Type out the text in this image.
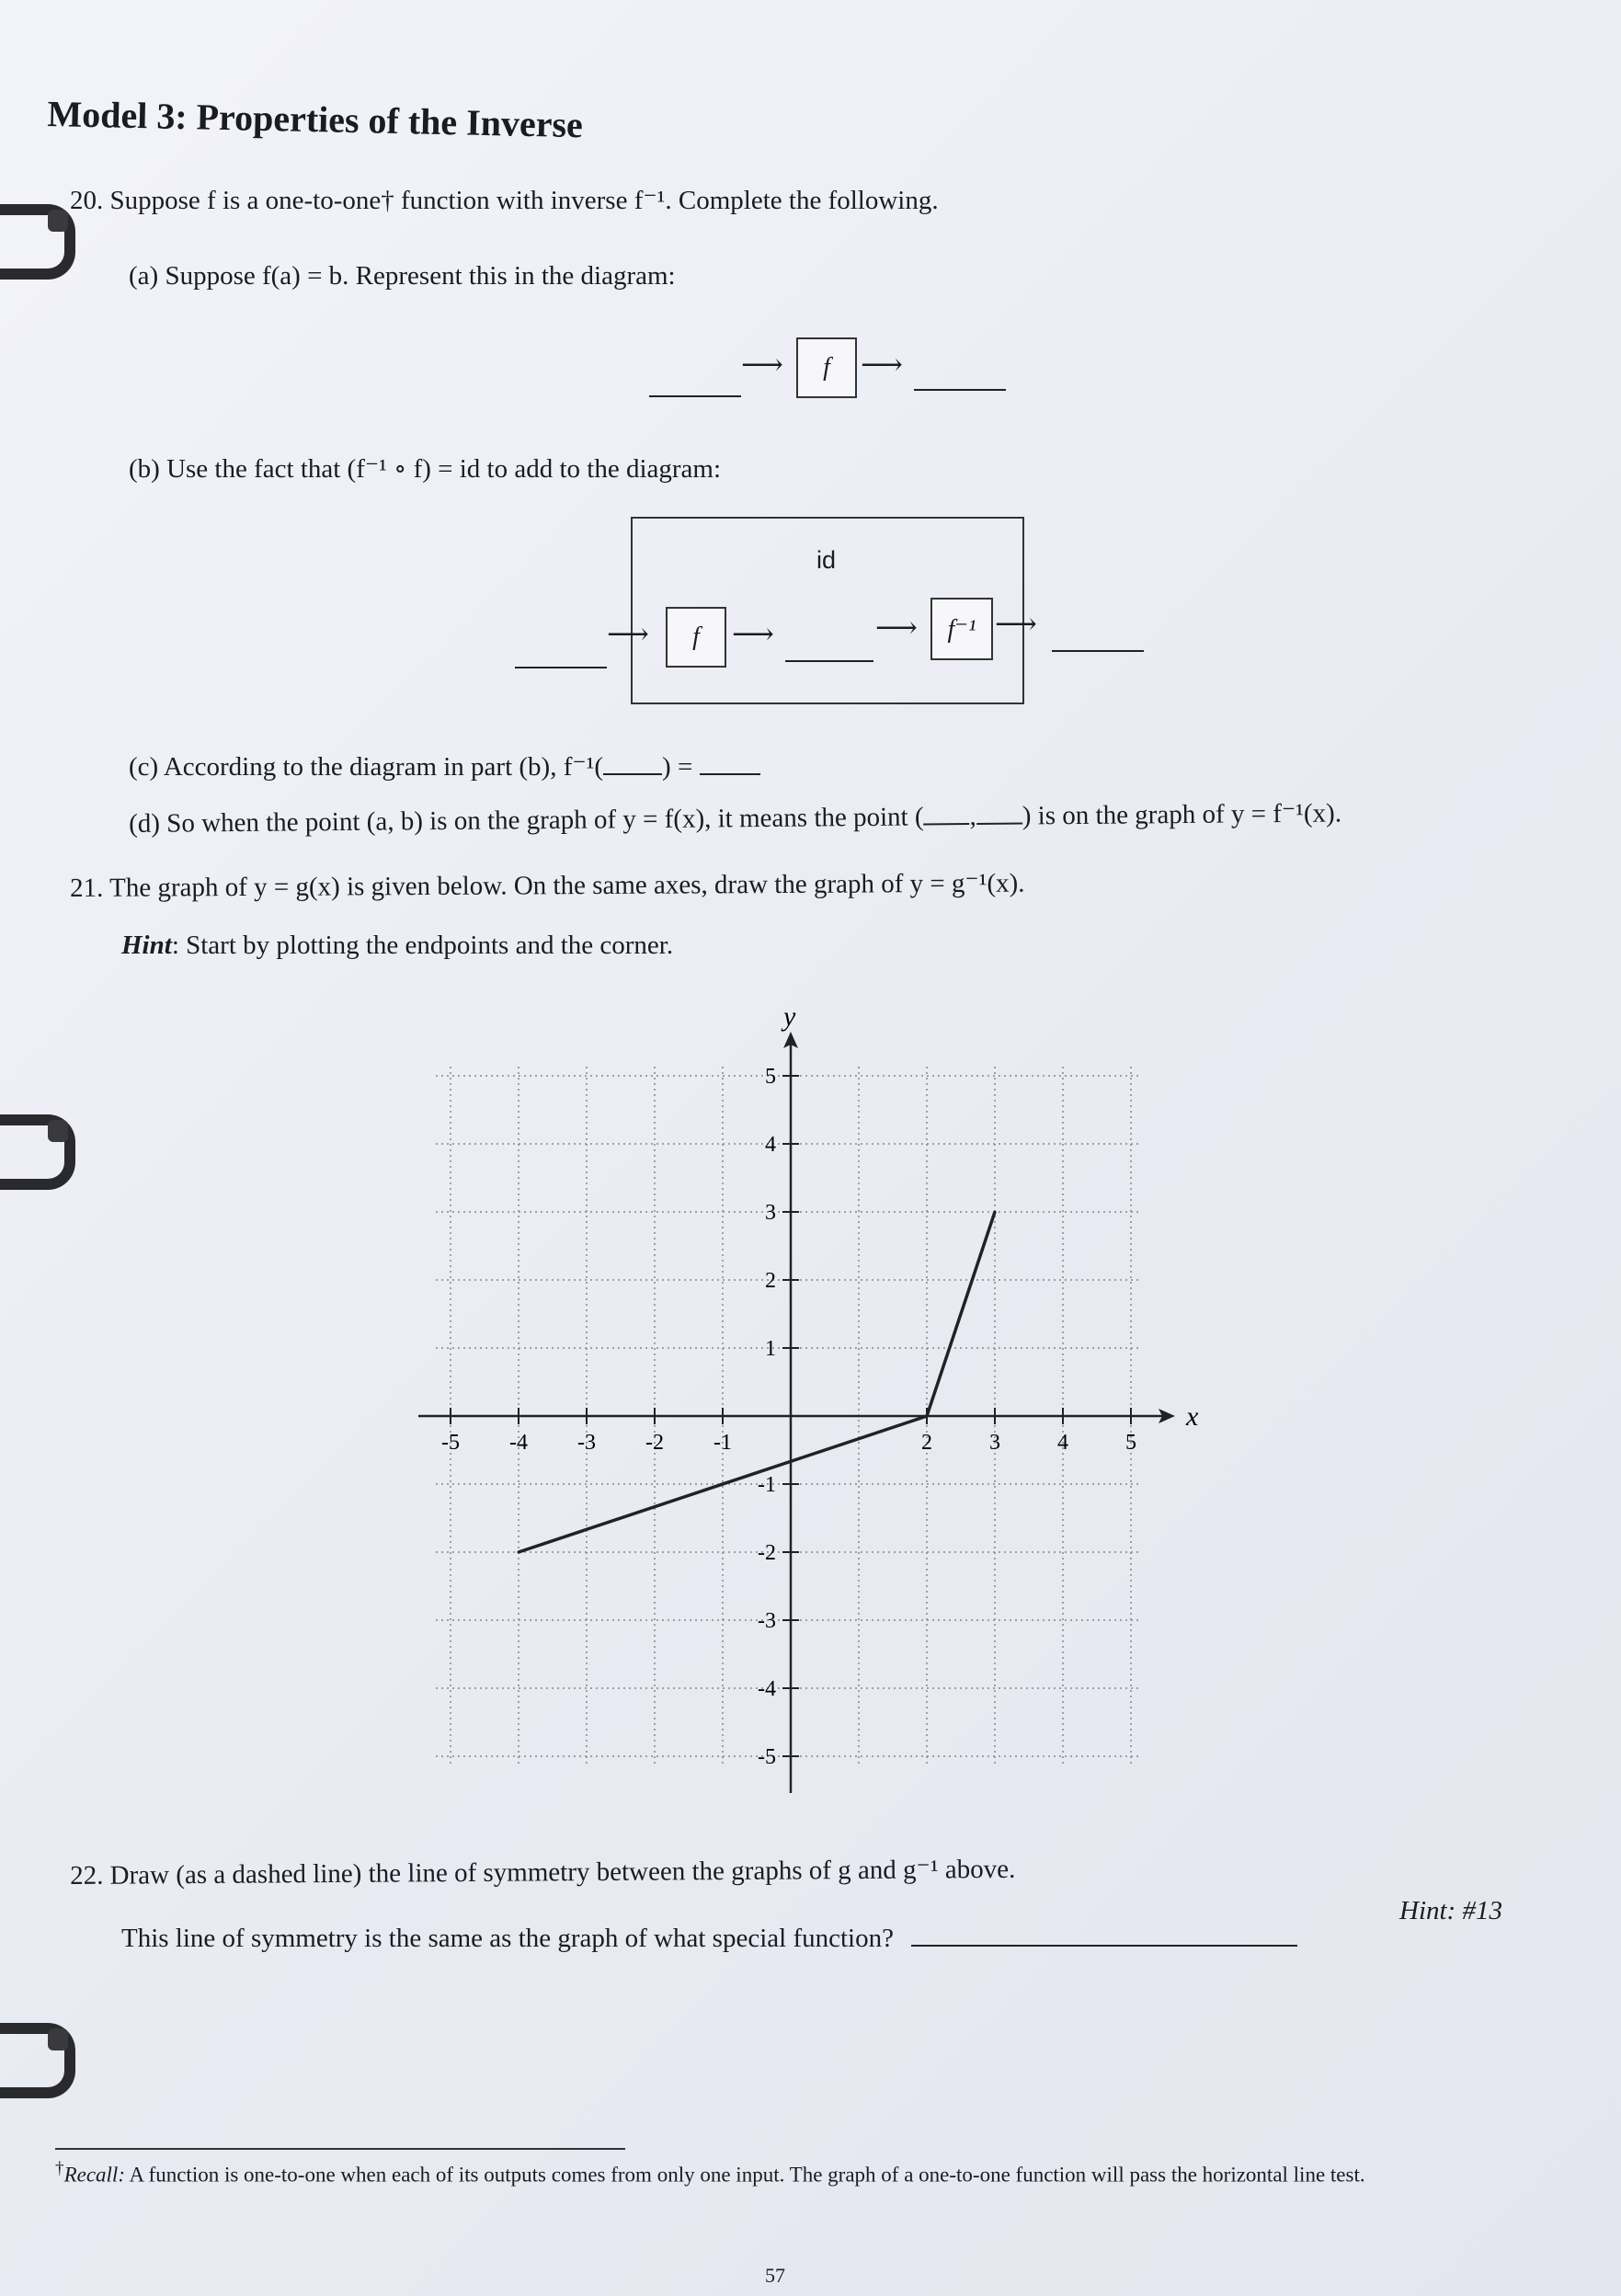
Model 3: Properties of the Inverse
20. Suppose f is a one-to-one† function with inverse f⁻¹. Complete the following.
(a) Suppose f(a) = b. Represent this in the diagram:
⟶ f ⟶
(b) Use the fact that (f⁻¹ ∘ f) = id to add to the diagram:
id
⟶ f ⟶	⟶ f⁻¹ ⟶
(c) According to the diagram in part (b), f⁻¹( ) =
(d) So when the point (a, b) is on the graph of y = f(x), it means the point ( , ) is on the graph of y = f⁻¹(x).
21. The graph of y = g(x) is given below. On the same axes, draw the graph of y = g⁻¹(x).
Hint: Start by plotting the endpoints and the corner.
-5 -4 -3 -2 -1	2	3	4	5
5
4
3
2
1
-1
-2
-3
-4
-5
x
y
22. Draw (as a dashed line) the line of symmetry between the graphs of g and g⁻¹ above.
This line of symmetry is the same as the graph of what special function?
Hint: #13
†Recall: A function is one-to-one when each of its outputs comes from only one input. The graph of a one-to-one function will pass the horizontal line test.
57
